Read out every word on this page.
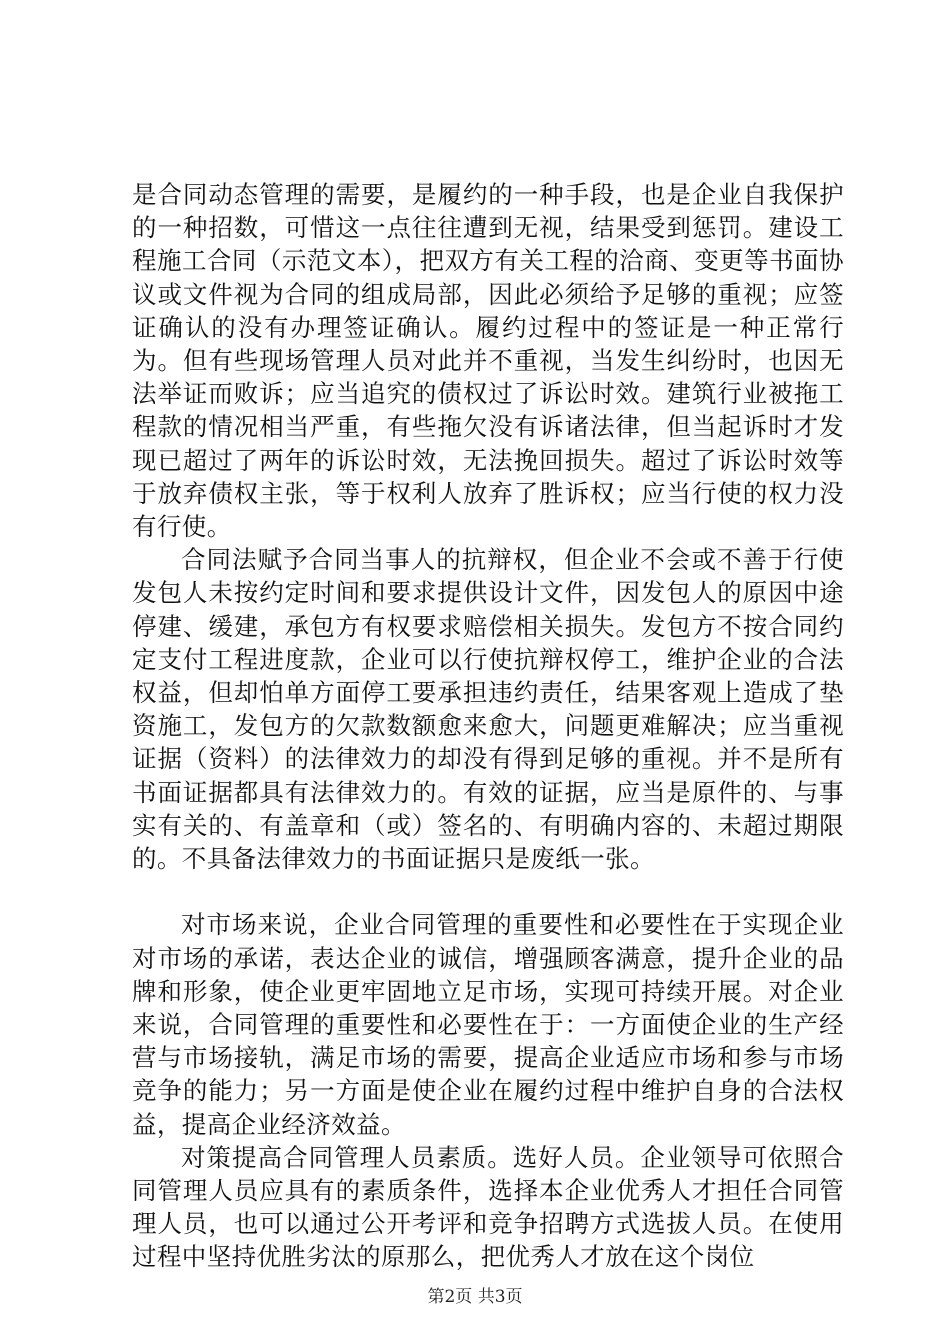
是合同动态管理的需要，是履约的一种手段，也是企业自我保护的一种招数，可惜这一点往往遭到无视，结果受到惩罚。建设工程施工合同（示范文本），把双方有关工程的洽商、变更等书面协议或文件视为合同的组成局部，因此必须给予足够的重视；应签证确认的没有办理签证确认。履约过程中的签证是一种正常行为。但有些现场管理人员对此并不重视，当发生纠纷时，也因无法举证而败诉；应当追究的债权过了诉讼时效。建筑行业被拖工程款的情况相当严重，有些拖欠没有诉诸法律，但当起诉时才发现已超过了两年的诉讼时效，无法挽回损失。超过了诉讼时效等于放弃债权主张，等于权利人放弃了胜诉权；应当行使的权力没有行使。

合同法赋予合同当事人的抗辩权，但企业不会或不善于行使发包人未按约定时间和要求提供设计文件，因发包人的原因中途停建、缓建，承包方有权要求赔偿相关损失。发包方不按合同约定支付工程进度款，企业可以行使抗辩权停工，维护企业的合法权益，但却怕单方面停工要承担违约责任，结果客观上造成了垫资施工，发包方的欠款数额愈来愈大，问题更难解决；应当重视证据（资料）的法律效力的却没有得到足够的重视。并不是所有书面证据都具有法律效力的。有效的证据，应当是原件的、与事实有关的、有盖章和（或）签名的、有明确内容的、未超过期限的。不具备法律效力的书面证据只是废纸一张。

对市场来说，企业合同管理的重要性和必要性在于实现企业对市场的承诺，表达企业的诚信，增强顾客满意，提升企业的品牌和形象，使企业更牢固地立足市场，实现可持续开展。对企业来说，合同管理的重要性和必要性在于：一方面使企业的生产经营与市场接轨，满足市场的需要，提高企业适应市场和参与市场竞争的能力；另一方面是使企业在履约过程中维护自身的合法权益，提高企业经济效益。

对策提高合同管理人员素质。选好人员。企业领导可依照合同管理人员应具有的素质条件，选择本企业优秀人才担任合同管理人员，也可以通过公开考评和竞争招聘方式选拔人员。在使用过程中坚持优胜劣汰的原那么，把优秀人才放在这个岗位

第2页 共3页
